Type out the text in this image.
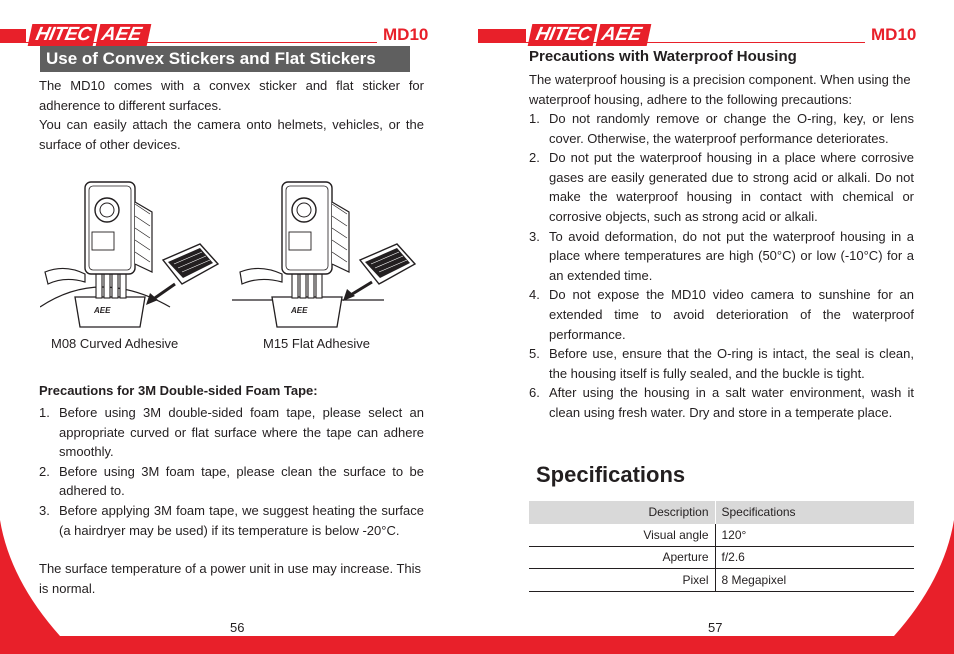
HITEC AEE	MD10	HITEC AEE	MD10
Use of Convex Stickers and Flat Stickers
The MD10 comes with a convex sticker and flat sticker for adherence to different surfaces.
You can easily attach the camera onto helmets, vehicles, or the surface of other devices.
AEE	AEE
M08 Curved Adhesive	M15 Flat Adhesive
Precautions for 3M Double-sided Foam Tape:
1. Before using 3M double-sided foam tape, please select an appropriate curved or flat surface where the tape can adhere smoothly.
2. Before using 3M foam tape, please clean the surface to be adhered to.
3. Before applying 3M foam tape, we suggest heating the surface (a hairdryer may be used) if its temperature is below -20°C.
The surface temperature of a power unit in use may increase. This is normal.
Precautions with Waterproof Housing
The waterproof housing is a precision component. When using the waterproof housing, adhere to the following precautions:
1. Do not randomly remove or change the O-ring, key, or lens cover. Otherwise, the waterproof performance deteriorates.
2. Do not put the waterproof housing in a place where corrosive gases are easily generated due to strong acid or alkali. Do not make the waterproof housing in contact with chemical or corrosive objects, such as strong acid or alkali.
3. To avoid deformation, do not put the waterproof housing in a place where temperatures are high (50°C) or low (-10°C) for a an extended time.
4. Do not expose the MD10 video camera to sunshine for an extended time to avoid deterioration of the waterproof performance.
5. Before use, ensure that the O-ring is intact, the seal is clean, the housing itself is fully sealed, and the buckle is tight.
6. After using the housing in a salt water environment, wash it clean using fresh water. Dry and store in a temperate place.
Specifications
Description	Specifications
Visual angle	120°
Aperture	f/2.6
Pixel	8 Megapixel
56	57
